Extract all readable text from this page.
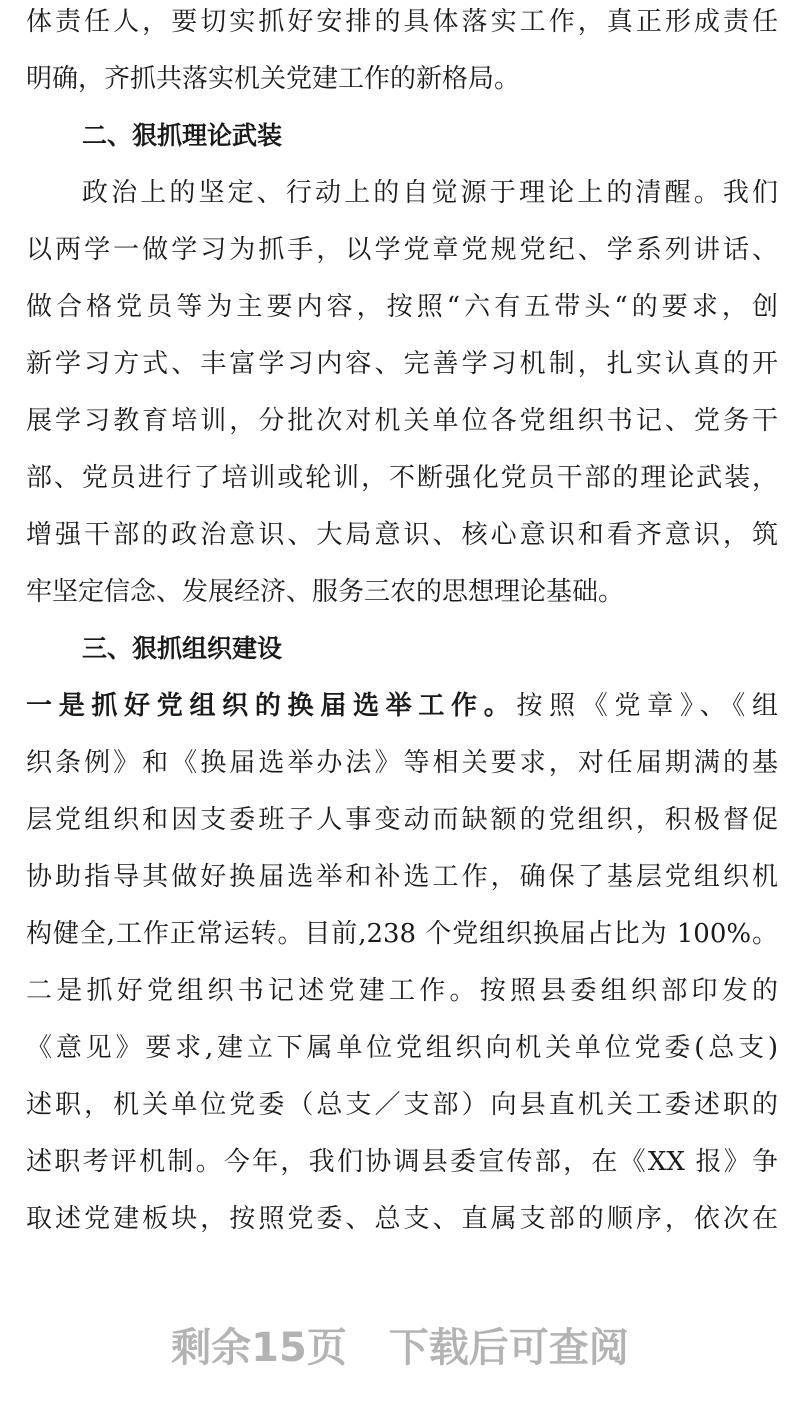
体责任人，要切实抓好安排的具体落实工作，真正形成责任
明确，齐抓共落实机关党建工作的新格局。
二、狠抓理论武装
政治上的坚定、行动上的自觉源于理论上的清醒。我们
以两学一做学习为抓手，以学党章党规党纪、学系列讲话、
做合格党员等为主要内容，按照“六有五带头“的要求，创
新学习方式、丰富学习内容、完善学习机制，扎实认真的开
展学习教育培训，分批次对机关单位各党组织书记、党务干
部、党员进行了培训或轮训，不断强化党员干部的理论武装，
增强干部的政治意识、大局意识、核心意识和看齐意识，筑
牢坚定信念、发展经济、服务三农的思想理论基础。
三、狠抓组织建设
一是抓好党组织的换届选举工作。按照《党章》、《组
织条例》和《换届选举办法》等相关要求，对任届期满的基
层党组织和因支委班子人事变动而缺额的党组织，积极督促
协助指导其做好换届选举和补选工作，确保了基层党组织机
构健全,工作正常运转。目前,238 个党组织换届占比为 100%。
二是抓好党组织书记述党建工作。按照县委组织部印发的
《意见》要求,建立下属单位党组织向机关单位党委(总支)
述职，机关单位党委（总支／支部）向县直机关工委述职的
述职考评机制。今年，我们协调县委宣传部，在《XX 报》争
取述党建板块，按照党委、总支、直属支部的顺序，依次在
剩余15页 下载后可查阅
